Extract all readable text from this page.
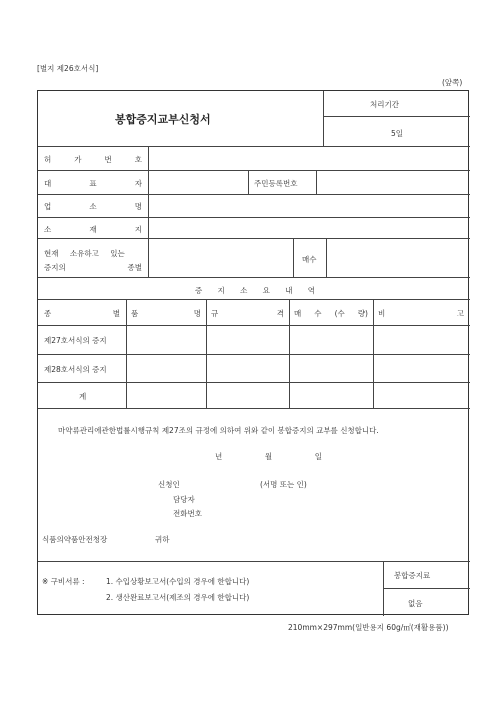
[별지 제26호서식]
(앞쪽)
봉합증지교부신청서
처리기간
5일
허	가	번	호
대	표	자	주민등록번호
업	소	명
소	재	지
현재 소유하고 있는
증지의	종별
매수
증 지 소 요 내 역
종	별 품	명 규	격 매 수 (수 량) 비	고
제27호서식의 증지
제28호서식의 증지
계
마약류관리에관한법률시행규칙 제27조의 규정에 의하여 위와 같이 봉합증지의 교부를 신청합니다.
년	월	일
신청인	(서명 또는 인)
담당자
전화번호
식품의약품안전청장	귀하
※ 구비서류 :	1. 수입상황보고서(수입의 경우에 한합니다)
2. 생산완료보고서(제조의 경우에 한합니다)
봉합증지료
없음
210mm×297mm(일반용지 60g/㎡(재활용품))
